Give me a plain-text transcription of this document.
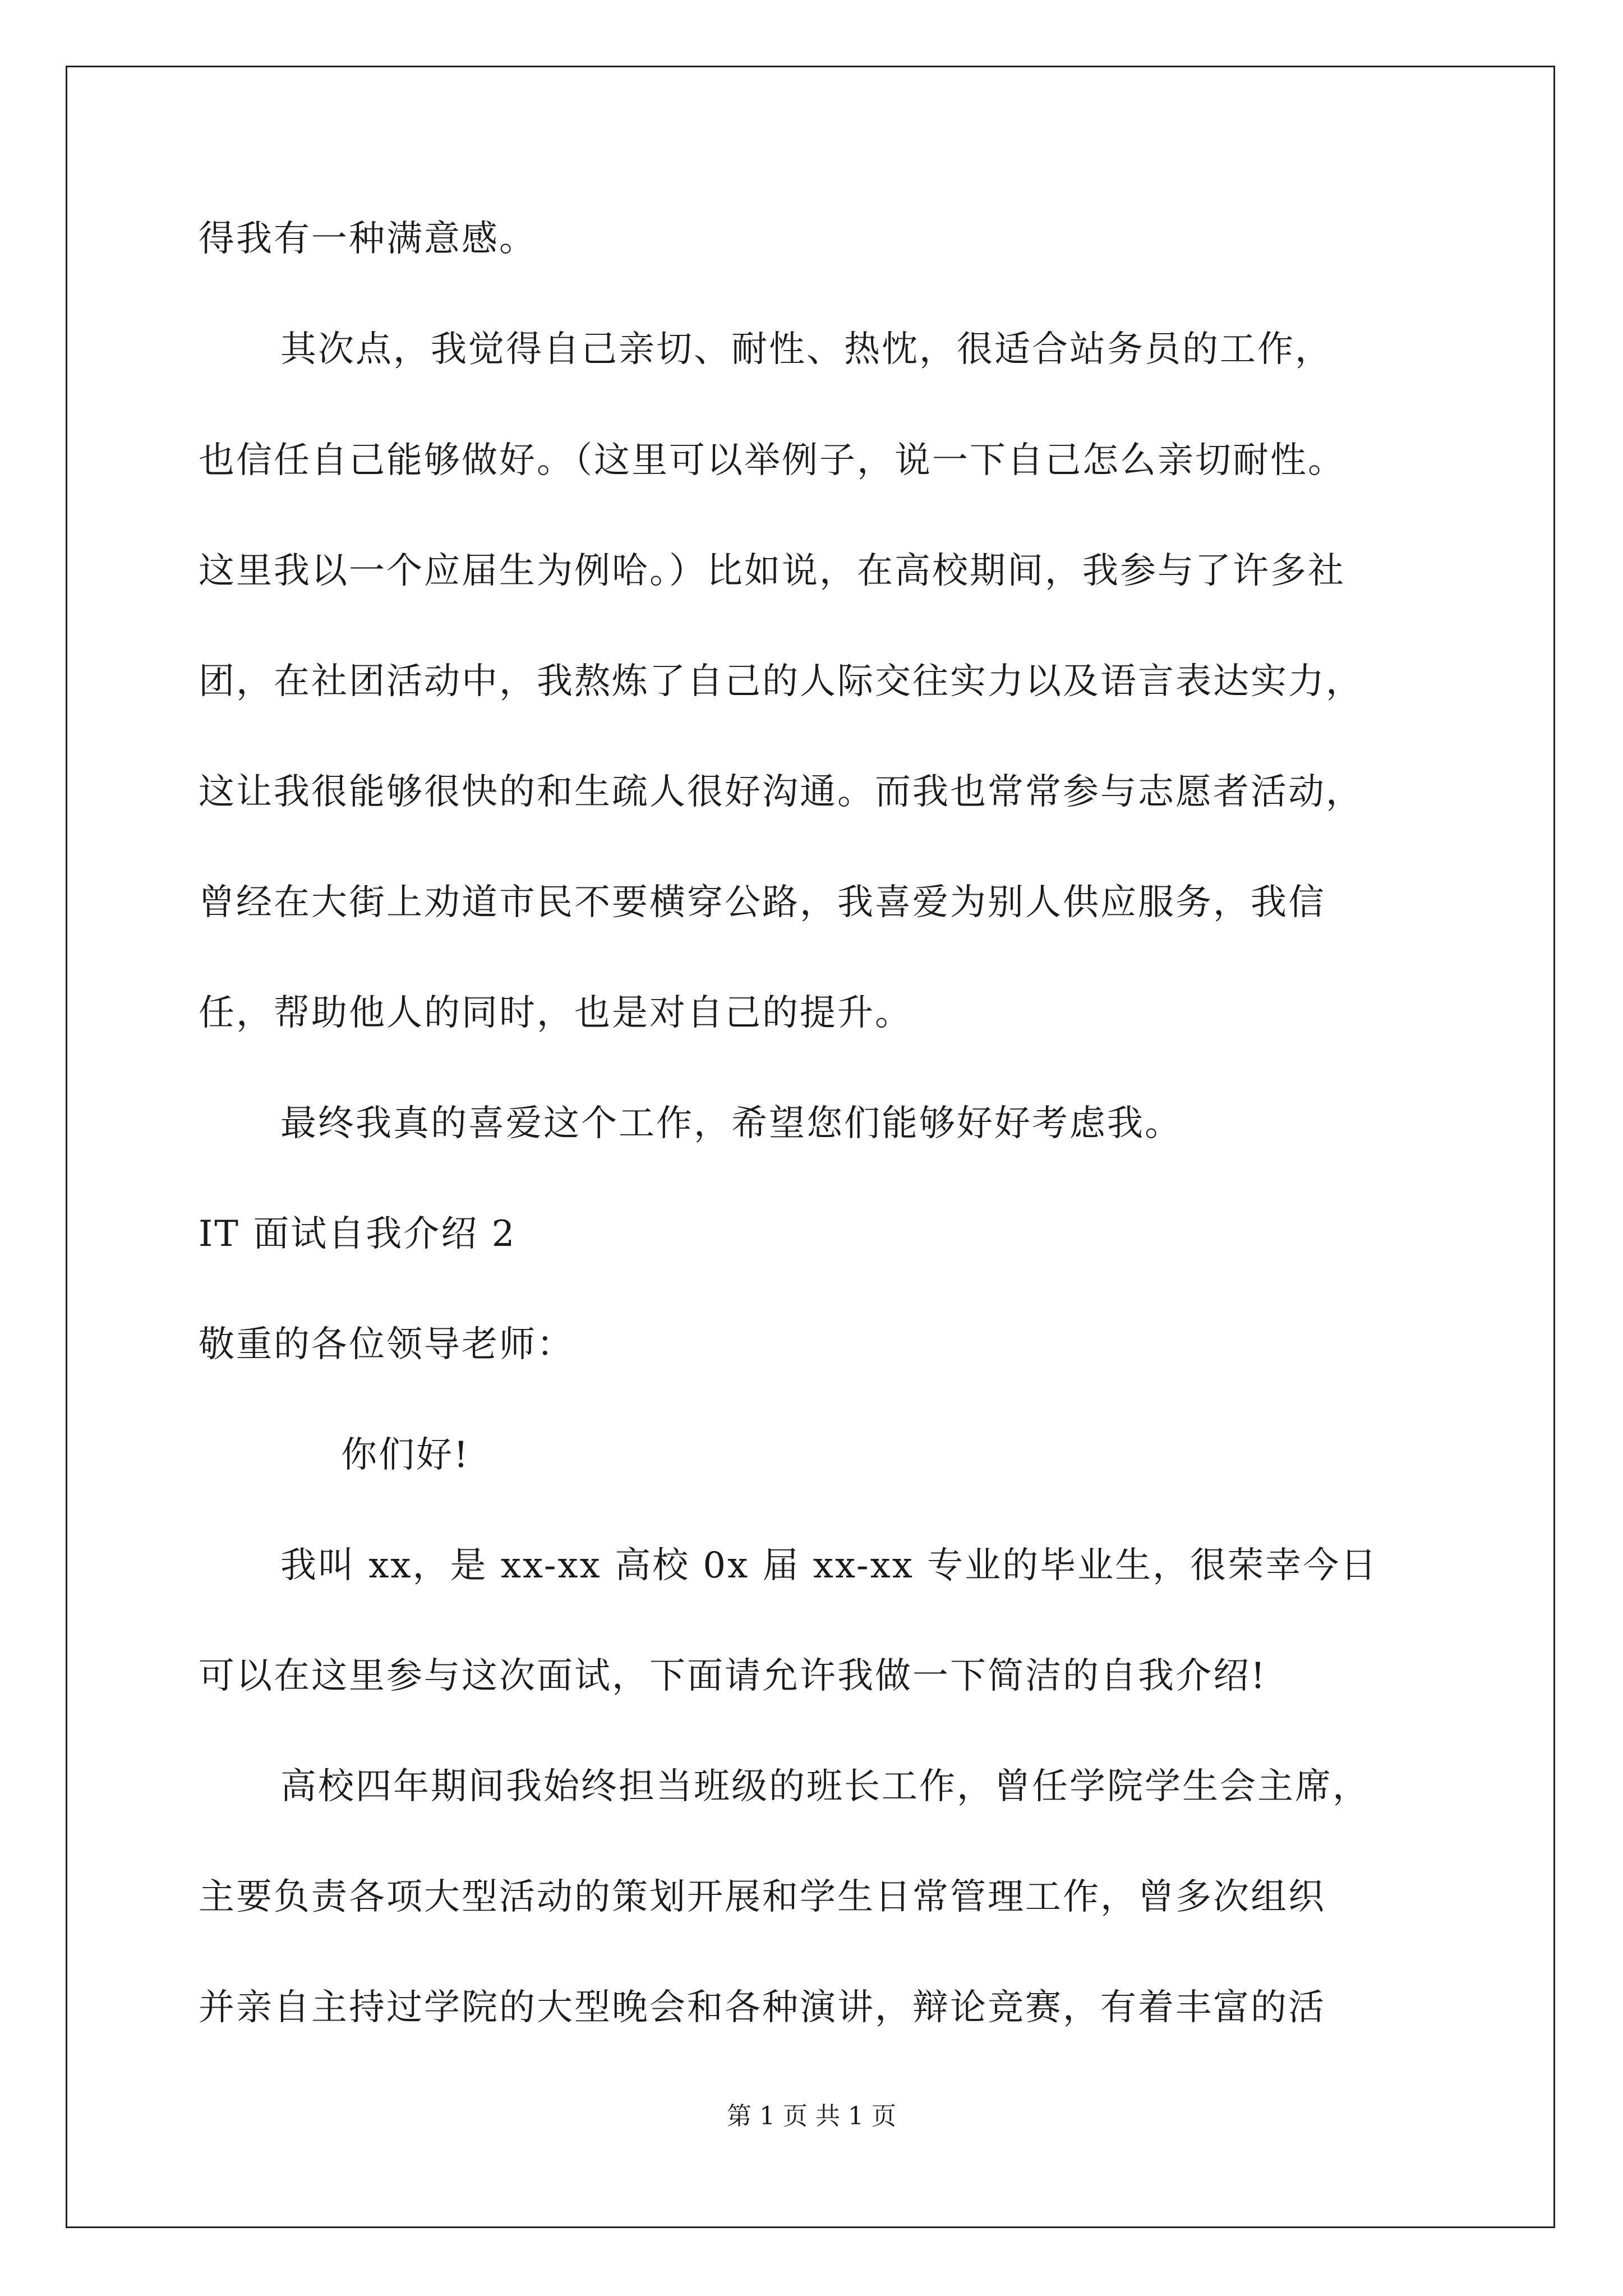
得我有一种满意感。
其次点，我觉得自己亲切、耐性、热忱，很适合站务员的工作，
也信任自己能够做好。（这里可以举例子，说一下自己怎么亲切耐性。
这里我以一个应届生为例哈。）比如说，在高校期间，我参与了许多社
团，在社团活动中，我熬炼了自己的人际交往实力以及语言表达实力，
这让我很能够很快的和生疏人很好沟通。而我也常常参与志愿者活动，
曾经在大街上劝道市民不要横穿公路，我喜爱为别人供应服务，我信
任，帮助他人的同时，也是对自己的提升。
最终我真的喜爱这个工作，希望您们能够好好考虑我。
IT 面试自我介绍 2
敬重的各位领导老师：
你们好!
我叫 xx，是 xx-xx 高校 0x 届 xx-xx 专业的毕业生，很荣幸今日
可以在这里参与这次面试，下面请允许我做一下简洁的自我介绍!
高校四年期间我始终担当班级的班长工作，曾任学院学生会主席，
主要负责各项大型活动的策划开展和学生日常管理工作，曾多次组织
并亲自主持过学院的大型晚会和各种演讲，辩论竞赛，有着丰富的活
第 1 页 共 1 页
